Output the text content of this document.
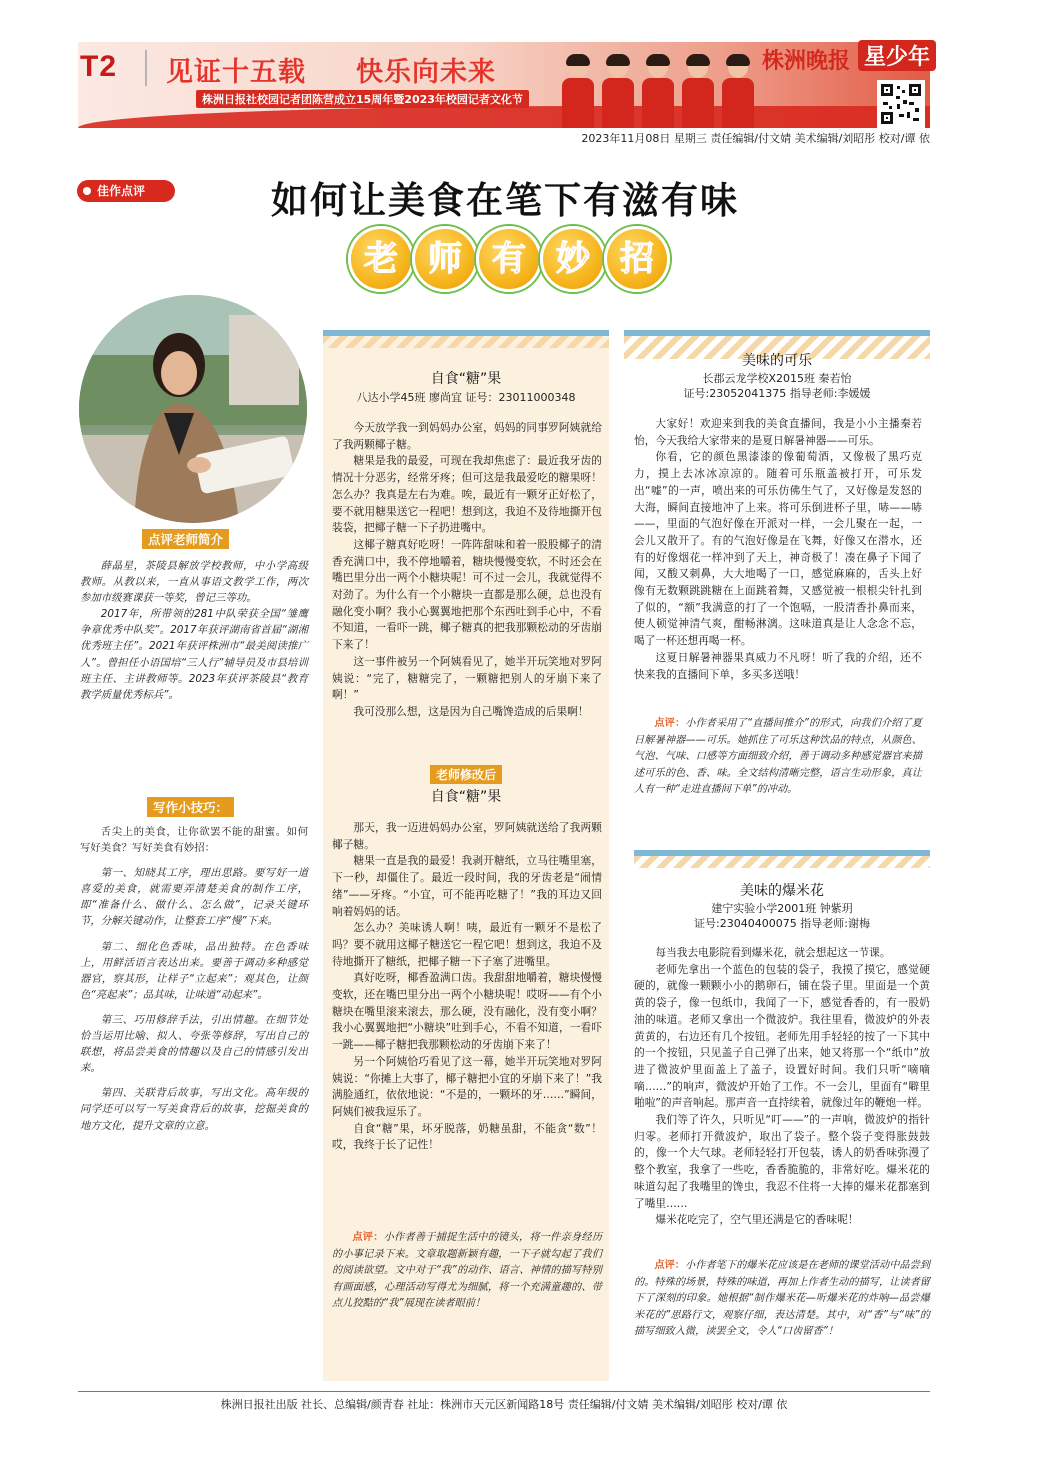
T2 见证十五载 快乐向未来
株洲日报社校园记者团陈营成立15周年暨2023年校园记者文化节
株洲晚报 星少年
2023年11月08日 星期三 责任编辑/付文婧 美术编辑/刘昭彤 校对/谭 依
佳作点评	如何让美食在笔下有滋有味
老 师 有 妙 招
点评老师简介

薛晶星，茶陵县解放学校教师，中小学高级教师。从教以来，一直从事语文教学工作，两次参加市级赛课获一等奖，曾记三等功。

2017年，所带领的281中队荣获全国“雏鹰争章优秀中队奖”。2017年获评湖南省首届“湖湘优秀班主任”。2021年获评株洲市“最美阅读推广人”。曾担任小语国培“三人行”辅导员及市县培训班主任、主讲教师等。2023年获评茶陵县“教育教学质量优秀标兵”。

写作小技巧：

舌尖上的美食，让你欲罢不能的甜蜜。如何写好美食？写好美食有妙招：

第一、知晓其工序，理出思路。要写好一道喜爱的美食，就需要弄清楚美食的制作工序，即“准备什么、做什么、怎么做”，记录关键环节，分解关键动作，让整套工序“慢”下来。

第二、细化色香味，品出独特。在色香味上，用鲜活语言表达出来。要善于调动多种感觉器官，察其形，让样子“立起来”；观其色，让颜色“亮起来”；品其味，让味道“动起来”。

第三、巧用修辞手法，引出情趣。在细节处恰当运用比喻、拟人、夸张等修辞，写出自己的联想，将品尝美食的情趣以及自己的情感引发出来。

第四、关联背后故事，写出文化。高年级的同学还可以写一写美食背后的故事，挖掘美食的地方文化，提升文章的立意。

自食“糖”果
八达小学45班 廖尚宜 证号：23011000348

今天放学我一到妈妈办公室，妈妈的同事罗阿姨就给了我两颗椰子糖。

糖果是我的最爱，可现在我却焦虑了：最近我牙齿的情况十分恶劣，经常牙疼；但可这是我最爱吃的糖果呀！怎么办？我真是左右为难。唉，最近有一颗牙正好松了，要不就用糖果送它一程吧！想到这，我迫不及待地撕开包装袋，把椰子糖一下子扔进嘴中。

这椰子糖真好吃呀！一阵阵甜味和着一股股椰子的清香充满口中，我不停地嚼着，糖块慢慢变软，不时还会在嘴巴里分出一两个小糖块呢！可不过一会儿，我就觉得不对劲了。为什么有一个小糖块一直都是那么硬，总也没有融化变小啊？我小心翼翼地把那个东西吐到手心中，不看不知道，一看吓一跳，椰子糖真的把我那颗松动的牙齿崩下来了！

这一事件被另一个阿姨看见了，她半开玩笑地对罗阿姨说：“完了，糖糖完了，一颗糖把别人的牙崩下来了啊！”

我可没那么想，这是因为自己嘴馋造成的后果啊！

老师修改后
自食“糖”果

那天，我一迈进妈妈办公室，罗阿姨就送给了我两颗椰子糖。

糖果一直是我的最爱！我剥开糖纸，立马往嘴里塞，下一秒，却僵住了。最近一段时间，我的牙齿老是“闹情绪”——牙疼。“小宜，可不能再吃糖了！”我的耳边又回响着妈妈的话。

怎么办？美味诱人啊！咦，最近有一颗牙不是松了吗？要不就用这椰子糖送它一程它吧！想到这，我迫不及待地撕开了糖纸，把椰子糖一下子塞了进嘴里。

真好吃呀，椰香盈满口齿。我甜甜地嚼着，糖块慢慢变软，还在嘴巴里分出一两个小糖块呢！哎呀——有个小糖块在嘴里滚来滚去，那么硬，没有融化，没有变小啊？我小心翼翼地把“小糖块”吐到手心，不看不知道，一看吓一跳——椰子糖把我那颗松动的牙齿崩下来了！

另一个阿姨恰巧看见了这一幕，她半开玩笑地对罗阿姨说：“你摊上大事了，椰子糖把小宜的牙崩下来了！”我满脸通红，依依地说：“不是的，一颗坏的牙……”瞬间，阿姨们被我逗乐了。

自食“糖”果，坏牙脱落，奶糖虽甜，不能贪“数”！哎，我终于长了记性！

点评：小作者善于捕捉生活中的镜头，将一件亲身经历的小事记录下来。文章取题新颖有趣，一下子就勾起了我们的阅读欲望。文中对于“我”的动作、语言、神情的描写特别有画面感，心理活动写得尤为细腻，将一个充满童趣的、带点儿狡黠的“我”展现在读者眼前！
美味的可乐
长郡云龙学校X2015班 秦若怡
证号:23052041375 指导老师:李媛媛

大家好！欢迎来到我的美食直播间，我是小小主播秦若怡，今天我给大家带来的是夏日解暑神器——可乐。

你看，它的颜色黑漆漆的像葡萄酒，又像极了黑巧克力，摸上去冰冰凉凉的。随着可乐瓶盖被打开，可乐发出“嘘”的一声，喷出来的可乐仿佛生气了，又好像是发怒的大海，瞬间直接地冲了上来。将可乐倒进杯子里，哧——哧——，里面的气泡好像在开派对一样，一会儿聚在一起，一会儿又散开了。有的气泡好像是在飞舞，好像又在潜水，还有的好像烟花一样冲到了天上，神奇极了！凑在鼻子下闻了闻，又酸又刺鼻，大大地喝了一口，感觉麻麻的，舌头上好像有无数颗跳跳糖在上面跳着舞，又感觉被一根根尖针扎到了似的，“额”我满意的打了一个饱嗝，一股清香扑鼻而来，使人顿觉神清气爽，酣畅淋漓。这味道真是让人念念不忘，喝了一杯还想再喝一杯。

这夏日解暑神器果真威力不凡呀！听了我的介绍，还不快来我的直播间下单，多买多送哦！

点评：小作者采用了“直播间推介”的形式，向我们介绍了夏日解暑神器——可乐。她抓住了可乐这种饮品的特点，从颜色、气泡、气味、口感等方面细致介绍，善于调动多种感觉器官来描述可乐的色、香、味。全文结构清晰完整，语言生动形象，真让人有一种“走进直播间下单”的冲动。
美味的爆米花
建宁实验小学2001班 钟紫玥
证号:23040400075 指导老师:谢梅

每当我去电影院看到爆米花，就会想起这一节课。

老师先拿出一个蓝色的包装的袋子，我摸了摸它，感觉硬硬的，就像一颗颗小小的鹅卵石，铺在袋子里。里面是一个黄黄的袋子，像一包纸巾，我闻了一下，感觉香香的，有一股奶油的味道。老师又拿出一个微波炉。我往里看，微波炉的外表黄黄的，右边还有几个按钮。老师先用手轻轻的按了一下其中的一个按钮，只见盖子自己弹了出来，她又将那一个“纸巾”放进了微波炉里面盖上了盖子，设置好时间。我们只听“嘀嘀嘀……”的响声，微波炉开始了工作。不一会儿，里面有“噼里啪啦”的声音响起。那声音一直持续着，就像过年的鞭炮一样。

我们等了许久，只听见“叮——”的一声响，微波炉的指针归零。老师打开微波炉，取出了袋子。整个袋子变得胀鼓鼓的，像一个大气球。老师轻轻打开包装，诱人的奶香味弥漫了整个教室，我拿了一些吃，香香脆脆的，非常好吃。爆米花的味道勾起了我嘴里的馋虫，我忍不住将一大捧的爆米花都塞到了嘴里……

爆米花吃完了，空气里还满是它的香味呢！

点评：小作者笔下的爆米花应该是在老师的课堂活动中品尝到的。特殊的场景，特殊的味道，再加上作者生动的描写，让读者留下了深刻的印象。她根据“制作爆米花—听爆米花的炸响—品尝爆米花的”思路行文，观察仔细，表达清楚。其中，对“香”与“味”的描写细致入微，读罢全文，令人“口齿留香”！
株洲日报社出版 社长、总编辑/颜青春 社址：株洲市天元区新闻路18号 责任编辑/付文婧 美术编辑/刘昭彤 校对/谭 依
